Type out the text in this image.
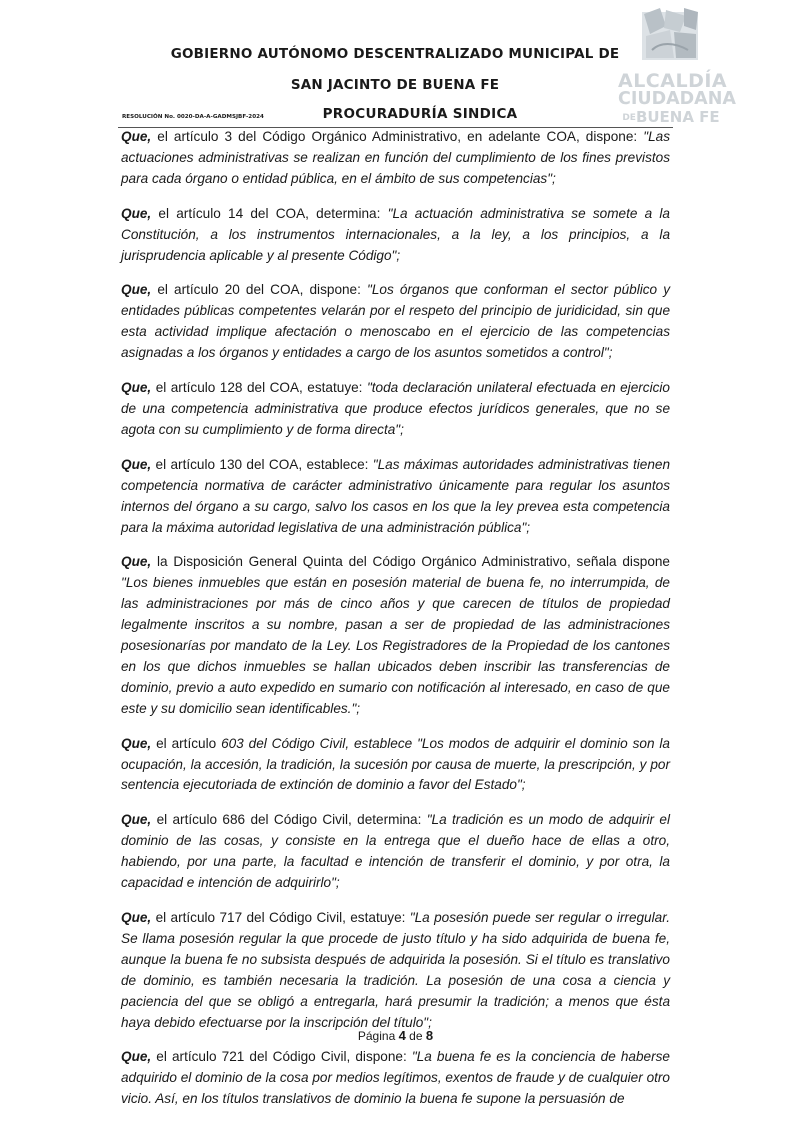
GOBIERNO AUTÓNOMO DESCENTRALIZADO MUNICIPAL DE
SAN JACINTO DE BUENA FE
RESOLUCIÓN No. 0020-DA-A-GADMSJBF-2024	PROCURADURÍA SINDICA
ALCALDÍA
CIUDADANA
DEBUENA FE

Que, el artículo 3 del Código Orgánico Administrativo, en adelante COA, dispone: "Las actuaciones administrativas se realizan en función del cumplimiento de los fines previstos para cada órgano o entidad pública, en el ámbito de sus competencias";

Que, el artículo 14 del COA, determina: "La actuación administrativa se somete a la Constitución, a los instrumentos internacionales, a la ley, a los principios, a la jurisprudencia aplicable y al presente Código";

Que, el artículo 20 del COA, dispone: "Los órganos que conforman el sector público y entidades públicas competentes velarán por el respeto del principio de juridicidad, sin que esta actividad implique afectación o menoscabo en el ejercicio de las competencias asignadas a los órganos y entidades a cargo de los asuntos sometidos a control";

Que, el artículo 128 del COA, estatuye: "toda declaración unilateral efectuada en ejercicio de una competencia administrativa que produce efectos jurídicos generales, que no se agota con su cumplimiento y de forma directa";

Que, el artículo 130 del COA, establece: "Las máximas autoridades administrativas tienen competencia normativa de carácter administrativo únicamente para regular los asuntos internos del órgano a su cargo, salvo los casos en los que la ley prevea esta competencia para la máxima autoridad legislativa de una administración pública";

Que, la Disposición General Quinta del Código Orgánico Administrativo, señala dispone "Los bienes inmuebles que están en posesión material de buena fe, no interrumpida, de las administraciones por más de cinco años y que carecen de títulos de propiedad legalmente inscritos a su nombre, pasan a ser de propiedad de las administraciones posesionarías por mandato de la Ley. Los Registradores de la Propiedad de los cantones en los que dichos inmuebles se hallan ubicados deben inscribir las transferencias de dominio, previo a auto expedido en sumario con notificación al interesado, en caso de que este y su domicilio sean identificables.";

Que, el artículo 603 del Código Civil, establece "Los modos de adquirir el dominio son la ocupación, la accesión, la tradición, la sucesión por causa de muerte, la prescripción, y por sentencia ejecutoriada de extinción de dominio a favor del Estado";

Que, el artículo 686 del Código Civil, determina: "La tradición es un modo de adquirir el dominio de las cosas, y consiste en la entrega que el dueño hace de ellas a otro, habiendo, por una parte, la facultad e intención de transferir el dominio, y por otra, la capacidad e intención de adquirirlo";

Que, el artículo 717 del Código Civil, estatuye: "La posesión puede ser regular o irregular. Se llama posesión regular la que procede de justo título y ha sido adquirida de buena fe, aunque la buena fe no subsista después de adquirida la posesión. Si el título es translativo de dominio, es también necesaria la tradición. La posesión de una cosa a ciencia y paciencia del que se obligó a entregarla, hará presumir la tradición; a menos que ésta haya debido efectuarse por la inscripción del título";

Que, el artículo 721 del Código Civil, dispone: "La buena fe es la conciencia de haberse adquirido el dominio de la cosa por medios legítimos, exentos de fraude y de cualquier otro vicio. Así, en los títulos translativos de dominio la buena fe supone la persuasión de

Página 4 de 8
